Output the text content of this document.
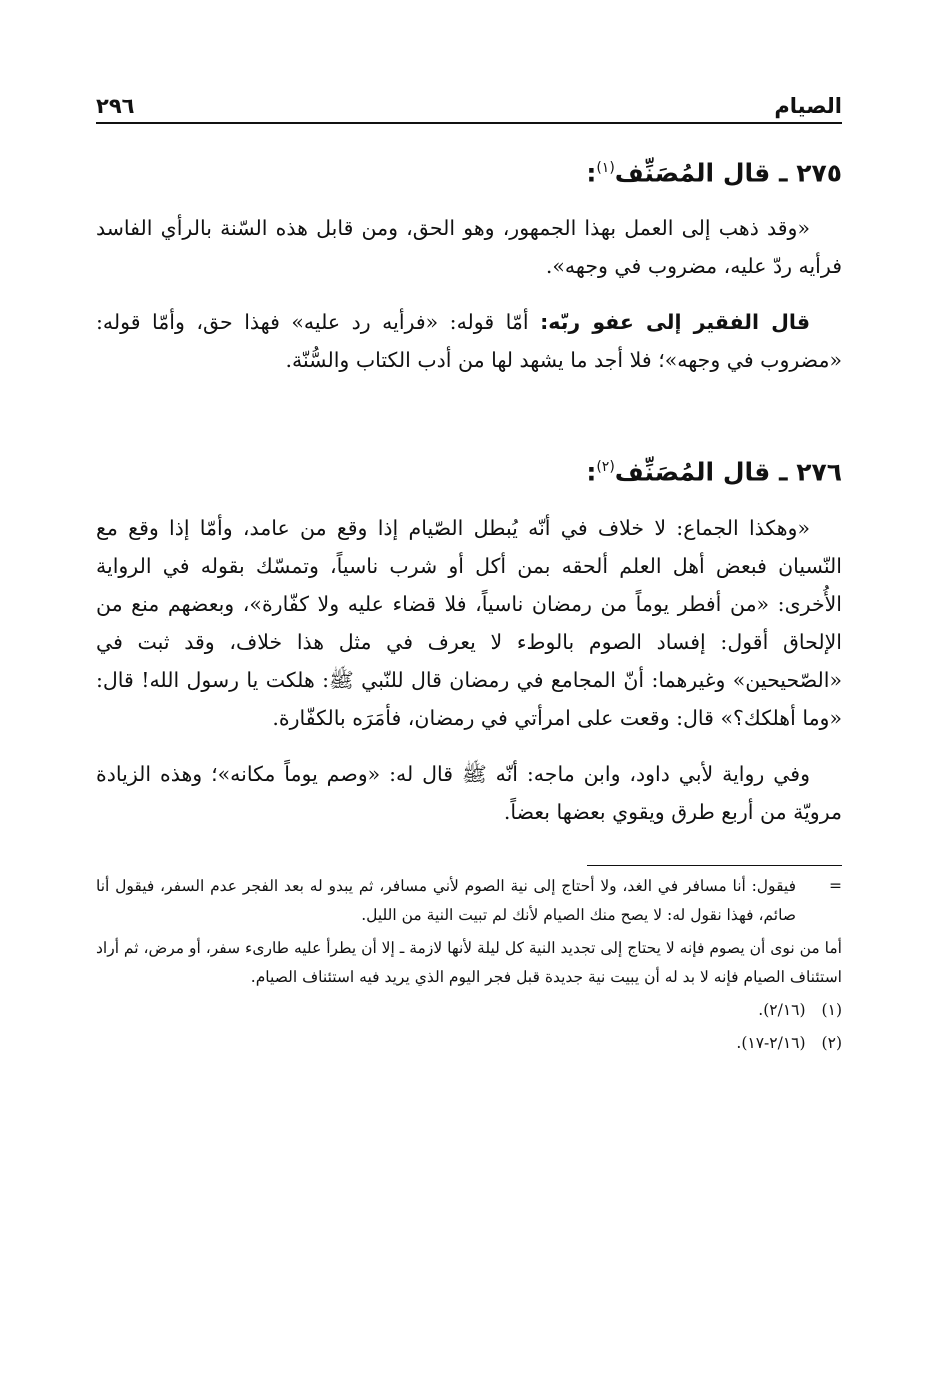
الصيام
٢٩٦
٢٧٥ ـ قال المُصَنِّف$^{(١)}$:

«وقد ذهب إلى العمل بهذا الجمهور، وهو الحق، ومن قابل هذه السّنة بالرأي الفاسد فرأيه ردّ عليه، مضروب في وجهه».

قال الفقير إلى عفو ربّه: أمّا قوله: «فرأيه رد عليه» فهذا حق، وأمّا قوله: «مضروب في وجهه»؛ فلا أجد ما يشهد لها من أدب الكتاب والسُّنّة.

٢٧٦ ـ قال المُصَنِّف$^{(٢)}$:

«وهكذا الجماع: لا خلاف في أنّه يُبطل الصّيام إذا وقع من عامد، وأمّا إذا وقع مع النّسيان فبعض أهل العلم ألحقه بمن أكل أو شرب ناسياً، وتمسّك بقوله في الرواية الأُخرى: «من أفطر يوماً من رمضان ناسياً، فلا قضاء عليه ولا كفّارة»، وبعضهم منع من الإلحاق أقول: إفساد الصوم بالوطء لا يعرف في مثل هذا خلاف، وقد ثبت في «الصّحيحين» وغيرهما: أنّ المجامع في رمضان قال للنّبي ﷺ: هلكت يا رسول الله! قال: «وما أهلكك؟» قال: وقعت على امرأتي في رمضان، فأمَرَه بالكفّارة.

وفي رواية لأبي داود، وابن ماجه: أنّه ﷺ قال له: «وصم يوماً مكانه»؛ وهذه الزيادة مرويّة من أربع طرق ويقوي بعضها بعضاً.

=
فيقول: أنا مسافر في الغد، ولا أحتاج إلى نية الصوم لأني مسافر، ثم يبدو له بعد الفجر عدم السفر، فيقول أنا صائم، فهذا نقول له: لا يصح منك الصيام لأنك لم تبيت النية من الليل.
أما من نوى أن يصوم فإنه لا يحتاج إلى تجديد النية كل ليلة لأنها لازمة ـ إلا أن يطرأ عليه طارىء سفر، أو مرض، ثم أراد استئناف الصيام فإنه لا بد له أن يبيت نية جديدة قبل فجر اليوم الذي يريد فيه استئناف الصيام.
(١)
(٢/١٦).
(٢)
(٢/١٦-١٧).
